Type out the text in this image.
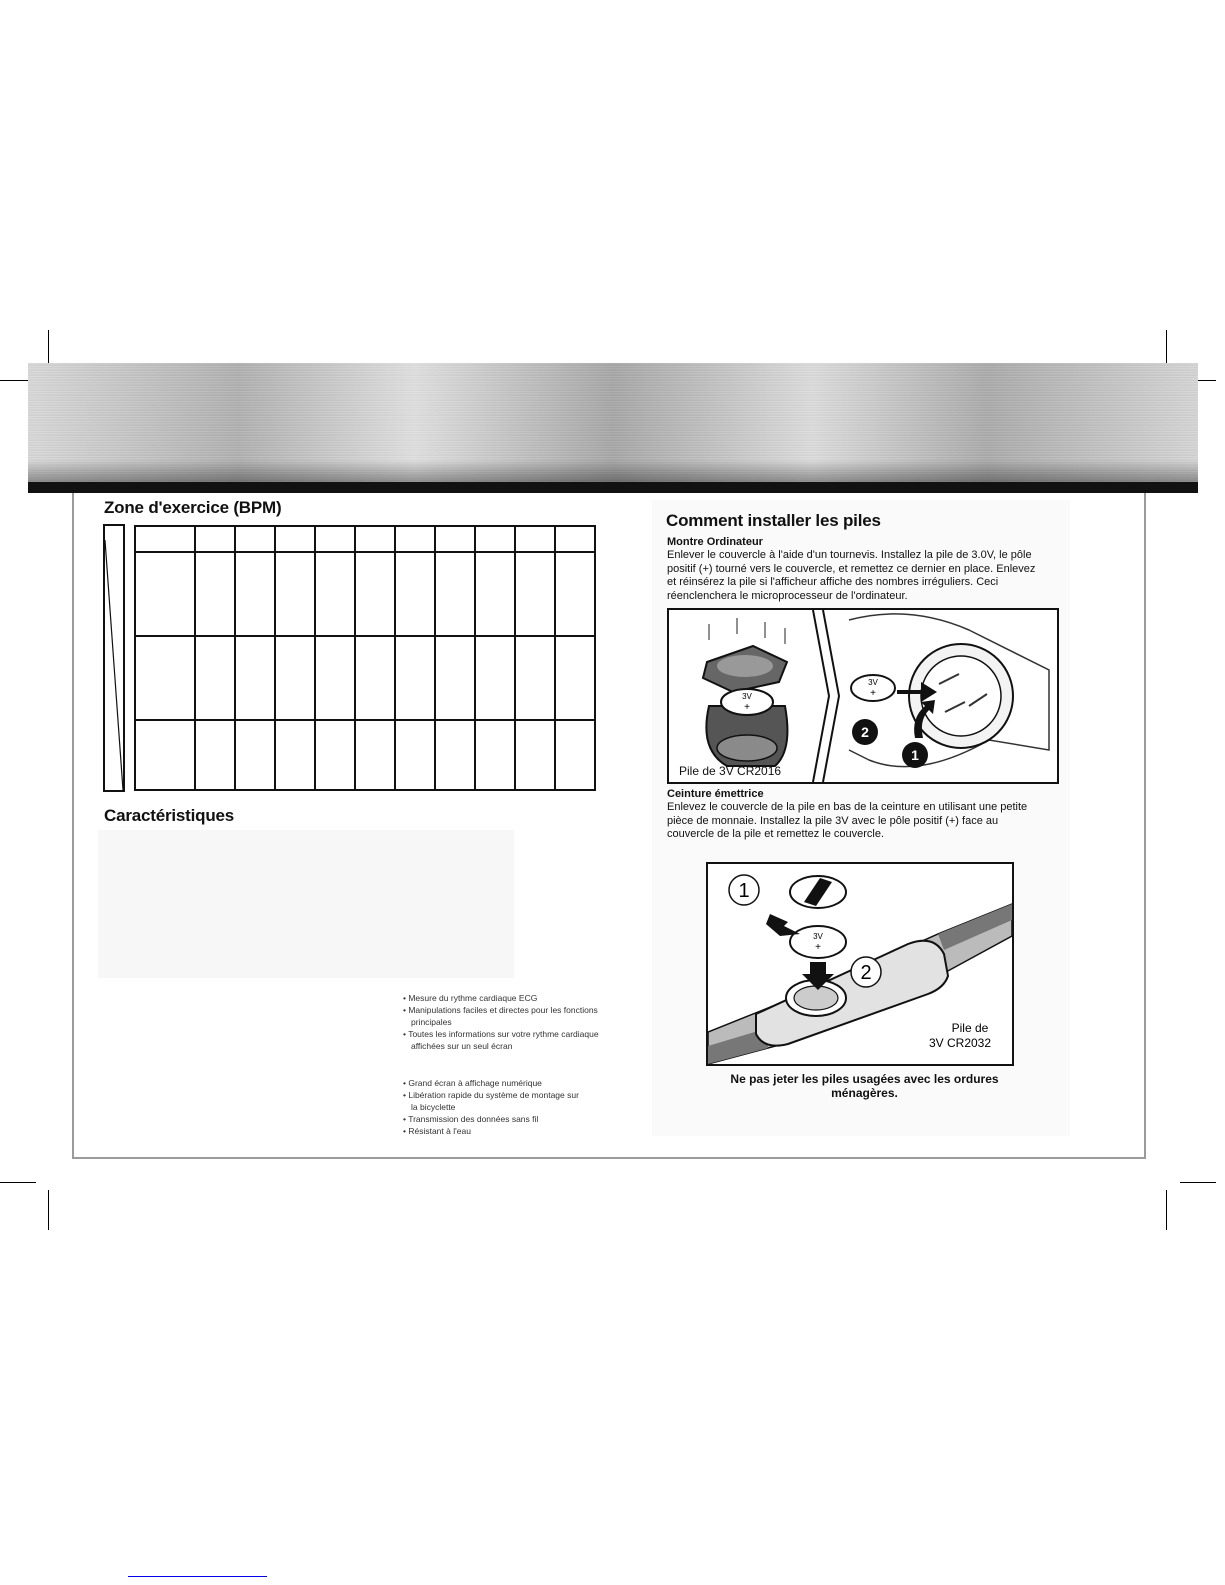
Zone d'exercice (BPM)

Caractéristiques
• Mesure du rythme cardiaque ECG
• Manipulations faciles et directes pour les fonctions principales
• Toutes les informations sur votre rythme cardiaque affichées sur un seul écran
• Grand écran à affichage numérique
• Libération rapide du système de montage sur la bicyclette
• Transmission des données sans fil
• Résistant à l'eau
Comment installer les piles
Montre Ordinateur

Enlever le couvercle à l'aide d'un tournevis. Installez la pile de 3.0V, le pôle positif (+) tourné vers le couvercle, et remettez ce dernier en place. Enlevez et réinsérez la pile si l'afficheur affiche des nombres irréguliers. Ceci réenclenchera le microprocesseur de l'ordinateur.

3V
+
3V
+
2
1
Pile de 3V CR2016
Ceinture émettrice

Enlevez le couvercle de la pile en bas de la ceinture en utilisant une petite pièce de monnaie. Installez la pile 3V avec le pôle positif (+) face au couvercle de la pile et remettez le couvercle.

3V
+
1
2
Pile de
3V CR2032
Ne pas jeter les piles usagées avec les ordures ménagères.
